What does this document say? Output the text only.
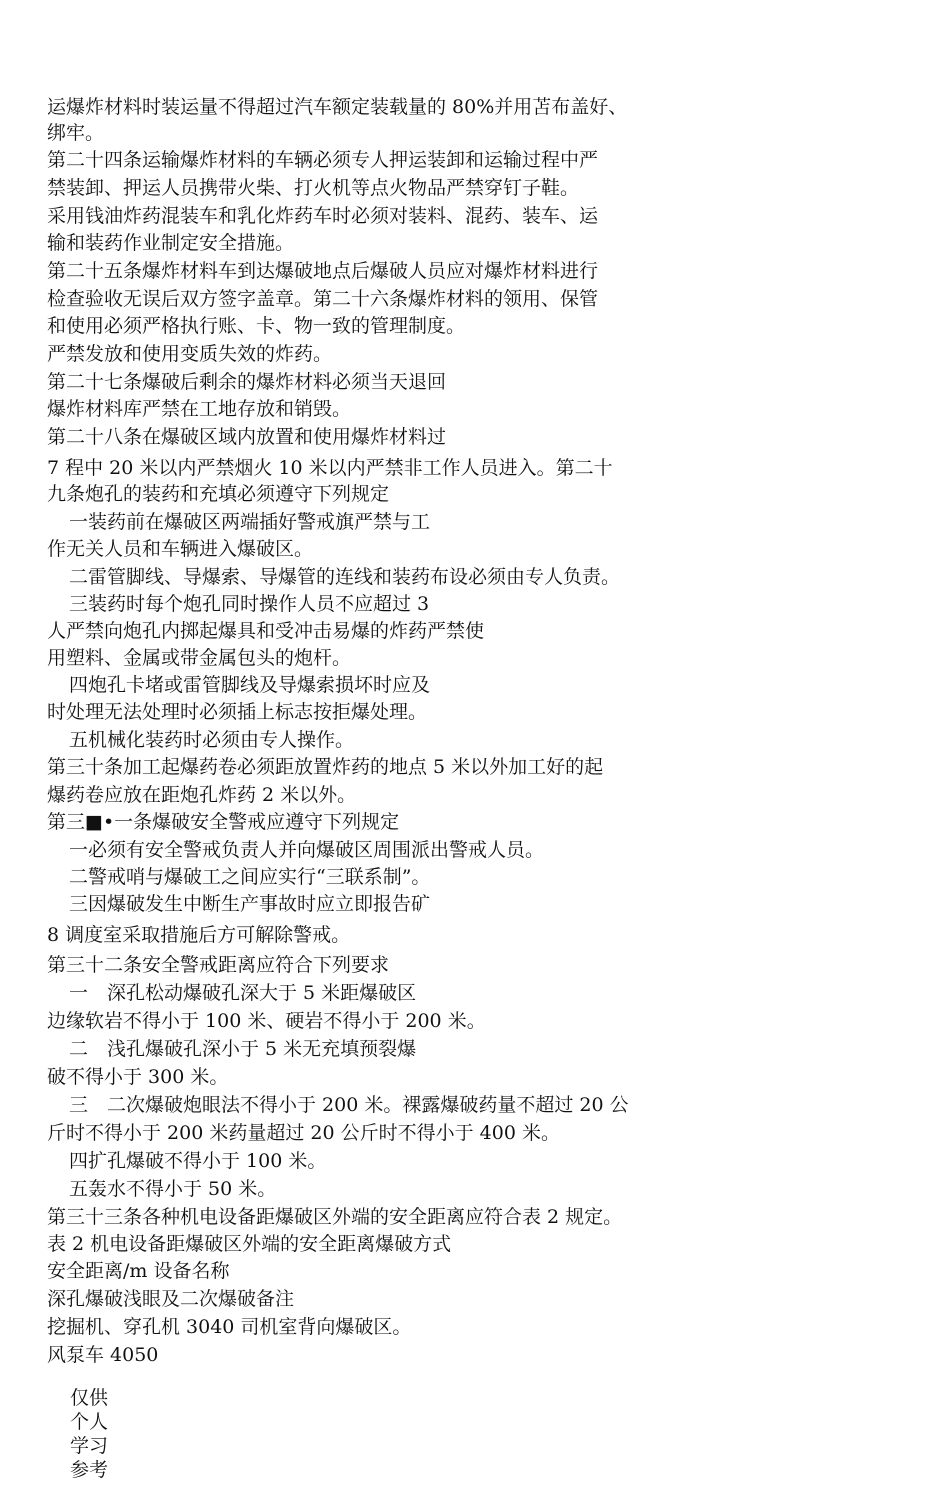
运爆炸材料时装运量不得超过汽车额定装载量的 80%并用苫布盖好、
绑牢。
第二十四条运输爆炸材料的车辆必须专人押运装卸和运输过程中严
禁装卸、押运人员携带火柴、打火机等点火物品严禁穿钉子鞋。
采用钱油炸药混装车和乳化炸药车时必须对装料、混药、装车、运
输和装药作业制定安全措施。
第二十五条爆炸材料车到达爆破地点后爆破人员应对爆炸材料进行
检查验收无误后双方签字盖章。第二十六条爆炸材料的领用、保管
和使用必须严格执行账、卡、物一致的管理制度。
严禁发放和使用变质失效的炸药。
第二十七条爆破后剩余的爆炸材料必须当天退回
爆炸材料库严禁在工地存放和销毁。
第二十八条在爆破区域内放置和使用爆炸材料过
7 程中 20 米以内严禁烟火 10 米以内严禁非工作人员进入。第二十
九条炮孔的装药和充填必须遵守下列规定
一装药前在爆破区两端插好警戒旗严禁与工
作无关人员和车辆进入爆破区。
二雷管脚线、导爆索、导爆管的连线和装药布设必须由专人负责。
三装药时每个炮孔同时操作人员不应超过 3
人严禁向炮孔内掷起爆具和受冲击易爆的炸药严禁使
用塑料、金属或带金属包头的炮杆。
四炮孔卡堵或雷管脚线及导爆索损坏时应及
时处理无法处理时必须插上标志按拒爆处理。
五机械化装药时必须由专人操作。
第三十条加工起爆药卷必须距放置炸药的地点 5 米以外加工好的起
爆药卷应放在距炮孔炸药 2 米以外。
第三■•一条爆破安全警戒应遵守下列规定
一必须有安全警戒负责人并向爆破区周围派出警戒人员。
二警戒哨与爆破工之间应实行“三联系制”。
三因爆破发生中断生产事故时应立即报告矿
8 调度室采取措施后方可解除警戒。
第三十二条安全警戒距离应符合下列要求
一　深孔松动爆破孔深大于 5 米距爆破区
边缘软岩不得小于 100 米、硬岩不得小于 200 米。
二　浅孔爆破孔深小于 5 米无充填预裂爆
破不得小于 300 米。
三　二次爆破炮眼法不得小于 200 米。裸露爆破药量不超过 20 公
斤时不得小于 200 米药量超过 20 公斤时不得小于 400 米。
四扩孔爆破不得小于 100 米。
五轰水不得小于 50 米。
第三十三条各种机电设备距爆破区外端的安全距离应符合表 2 规定。
表 2 机电设备距爆破区外端的安全距离爆破方式
安全距离/m 设备名称
深孔爆破浅眼及二次爆破备注
挖掘机、穿孔机 3040 司机室背向爆破区。
风泵车 4050
仅供
个人
学习
参考
